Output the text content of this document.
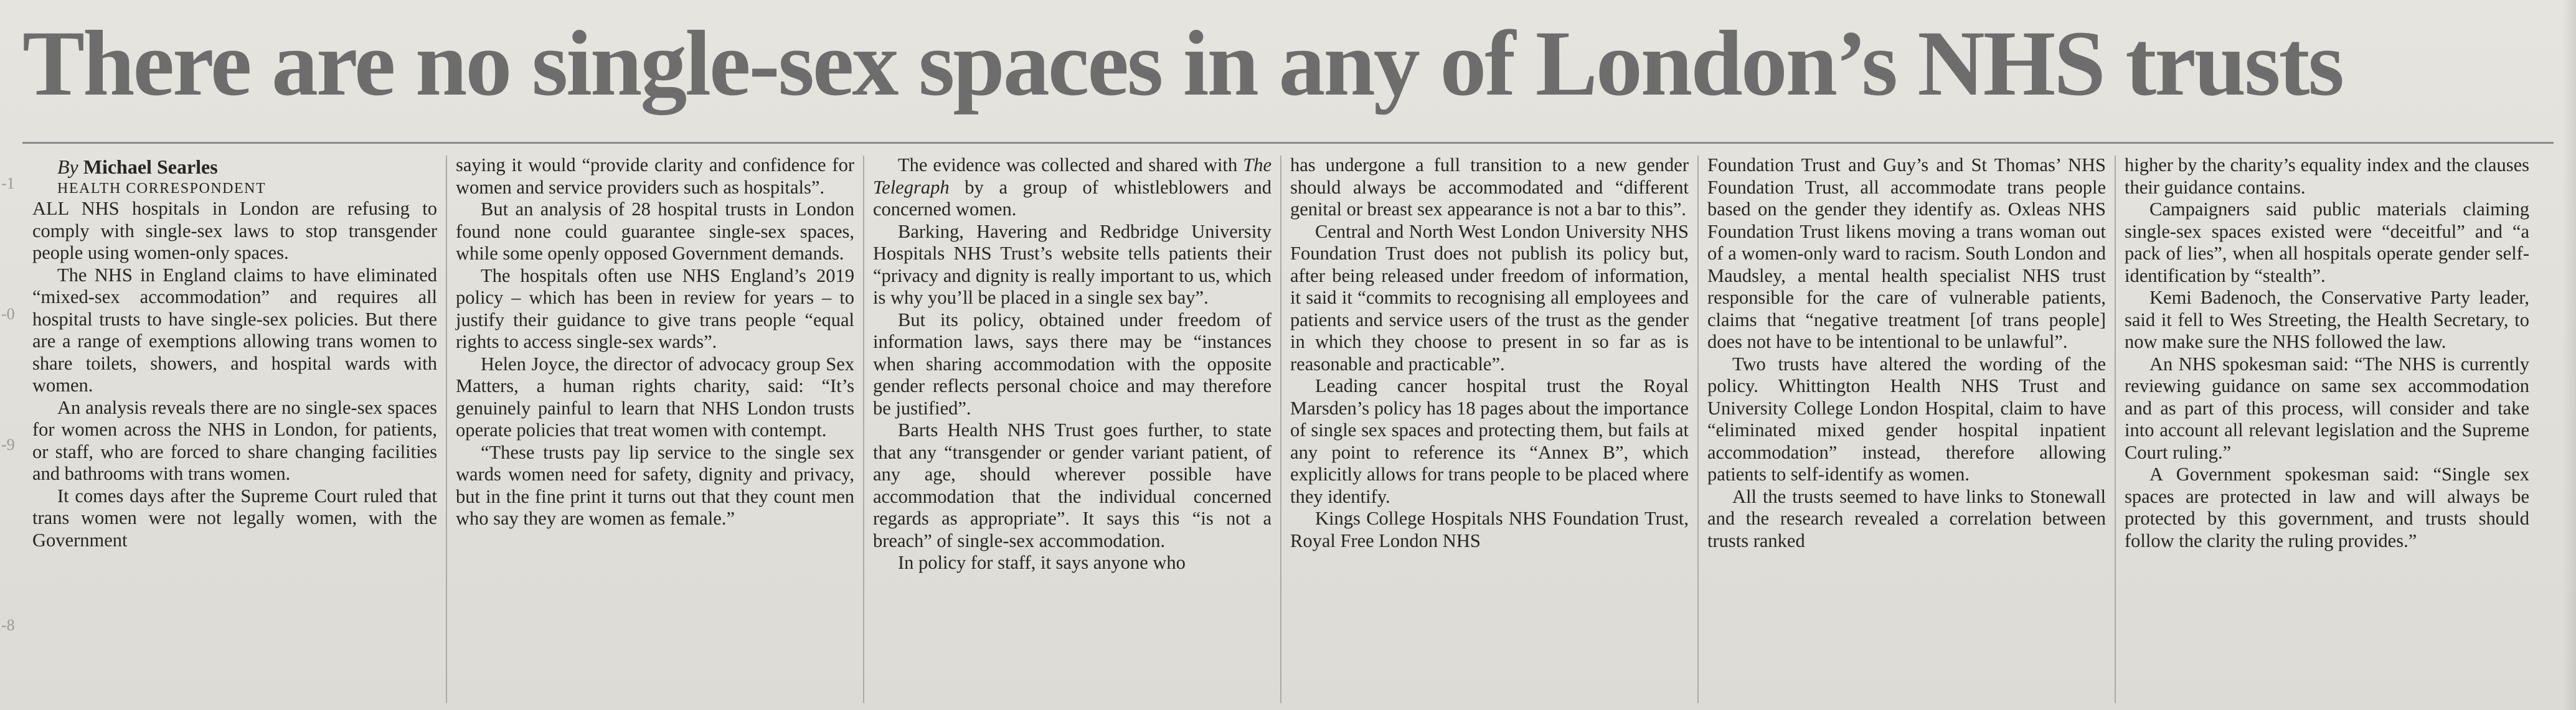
There are no single-sex spaces in any of London’s NHS trusts
-1
-0
-9
-8

By Michael Searles

HEALTH CORRESPONDENT

ALL NHS hospitals in London are refusing to comply with single-sex laws to stop transgender people using women-only spaces.

The NHS in England claims to have eliminated “mixed-sex accommodation” and requires all hospital trusts to have single-sex policies. But there are a range of exemptions allowing trans women to share toilets, showers, and hospital wards with women.

An analysis reveals there are no single-sex spaces for women across the NHS in London, for patients, or staff, who are forced to share changing facilities and bathrooms with trans women.

It comes days after the Supreme Court ruled that trans women were not legally women, with the Government

saying it would “provide clarity and confidence for women and service providers such as hospitals”.

But an analysis of 28 hospital trusts in London found none could guarantee single-sex spaces, while some openly opposed Government demands.

The hospitals often use NHS England’s 2019 policy – which has been in review for years – to justify their guidance to give trans people “equal rights to access single-sex wards”.

Helen Joyce, the director of advocacy group Sex Matters, a human rights charity, said: “It’s genuinely painful to learn that NHS London trusts operate policies that treat women with contempt.

“These trusts pay lip service to the single sex wards women need for safety, dignity and privacy, but in the fine print it turns out that they count men who say they are women as female.”

The evidence was collected and shared with The Telegraph by a group of whistleblowers and concerned women.

Barking, Havering and Redbridge University Hospitals NHS Trust’s website tells patients their “privacy and dignity is really important to us, which is why you’ll be placed in a single sex bay”.

But its policy, obtained under freedom of information laws, says there may be “instances when sharing accommodation with the opposite gender reflects personal choice and may therefore be justified”.

Barts Health NHS Trust goes further, to state that any “transgender or gender variant patient, of any age, should wherever possible have accommodation that the individual concerned regards as appropriate”. It says this “is not a breach” of single-sex accommodation.

In policy for staff, it says anyone who

has undergone a full transition to a new gender should always be accommodated and “different genital or breast sex appearance is not a bar to this”.

Central and North West London University NHS Foundation Trust does not publish its policy but, after being released under freedom of information, it said it “commits to recognising all employees and patients and service users of the trust as the gender in which they choose to present in so far as is reasonable and practicable”.

Leading cancer hospital trust the Royal Marsden’s policy has 18 pages about the importance of single sex spaces and protecting them, but fails at any point to reference its “Annex B”, which explicitly allows for trans people to be placed where they identify.

Kings College Hospitals NHS Foundation Trust, Royal Free London NHS

Foundation Trust and Guy’s and St Thomas’ NHS Foundation Trust, all accommodate trans people based on the gender they identify as. Oxleas NHS Foundation Trust likens moving a trans woman out of a women-only ward to racism. South London and Maudsley, a mental health specialist NHS trust responsible for the care of vulnerable patients, claims that “negative treatment [of trans people] does not have to be intentional to be unlawful”.

Two trusts have altered the wording of the policy. Whittington Health NHS Trust and University College London Hospital, claim to have “eliminated mixed gender hospital inpatient accommodation” instead, therefore allowing patients to self-identify as women.

All the trusts seemed to have links to Stonewall and the research revealed a correlation between trusts ranked

higher by the charity’s equality index and the clauses their guidance contains.

Campaigners said public materials claiming single-sex spaces existed were “deceitful” and “a pack of lies”, when all hospitals operate gender self-identification by “stealth”.

Kemi Badenoch, the Conservative Party leader, said it fell to Wes Streeting, the Health Secretary, to now make sure the NHS followed the law.

An NHS spokesman said: “The NHS is currently reviewing guidance on same sex accommodation and as part of this process, will consider and take into account all relevant legislation and the Supreme Court ruling.”

A Government spokesman said: “Single sex spaces are protected in law and will always be protected by this government, and trusts should follow the clarity the ruling provides.”
